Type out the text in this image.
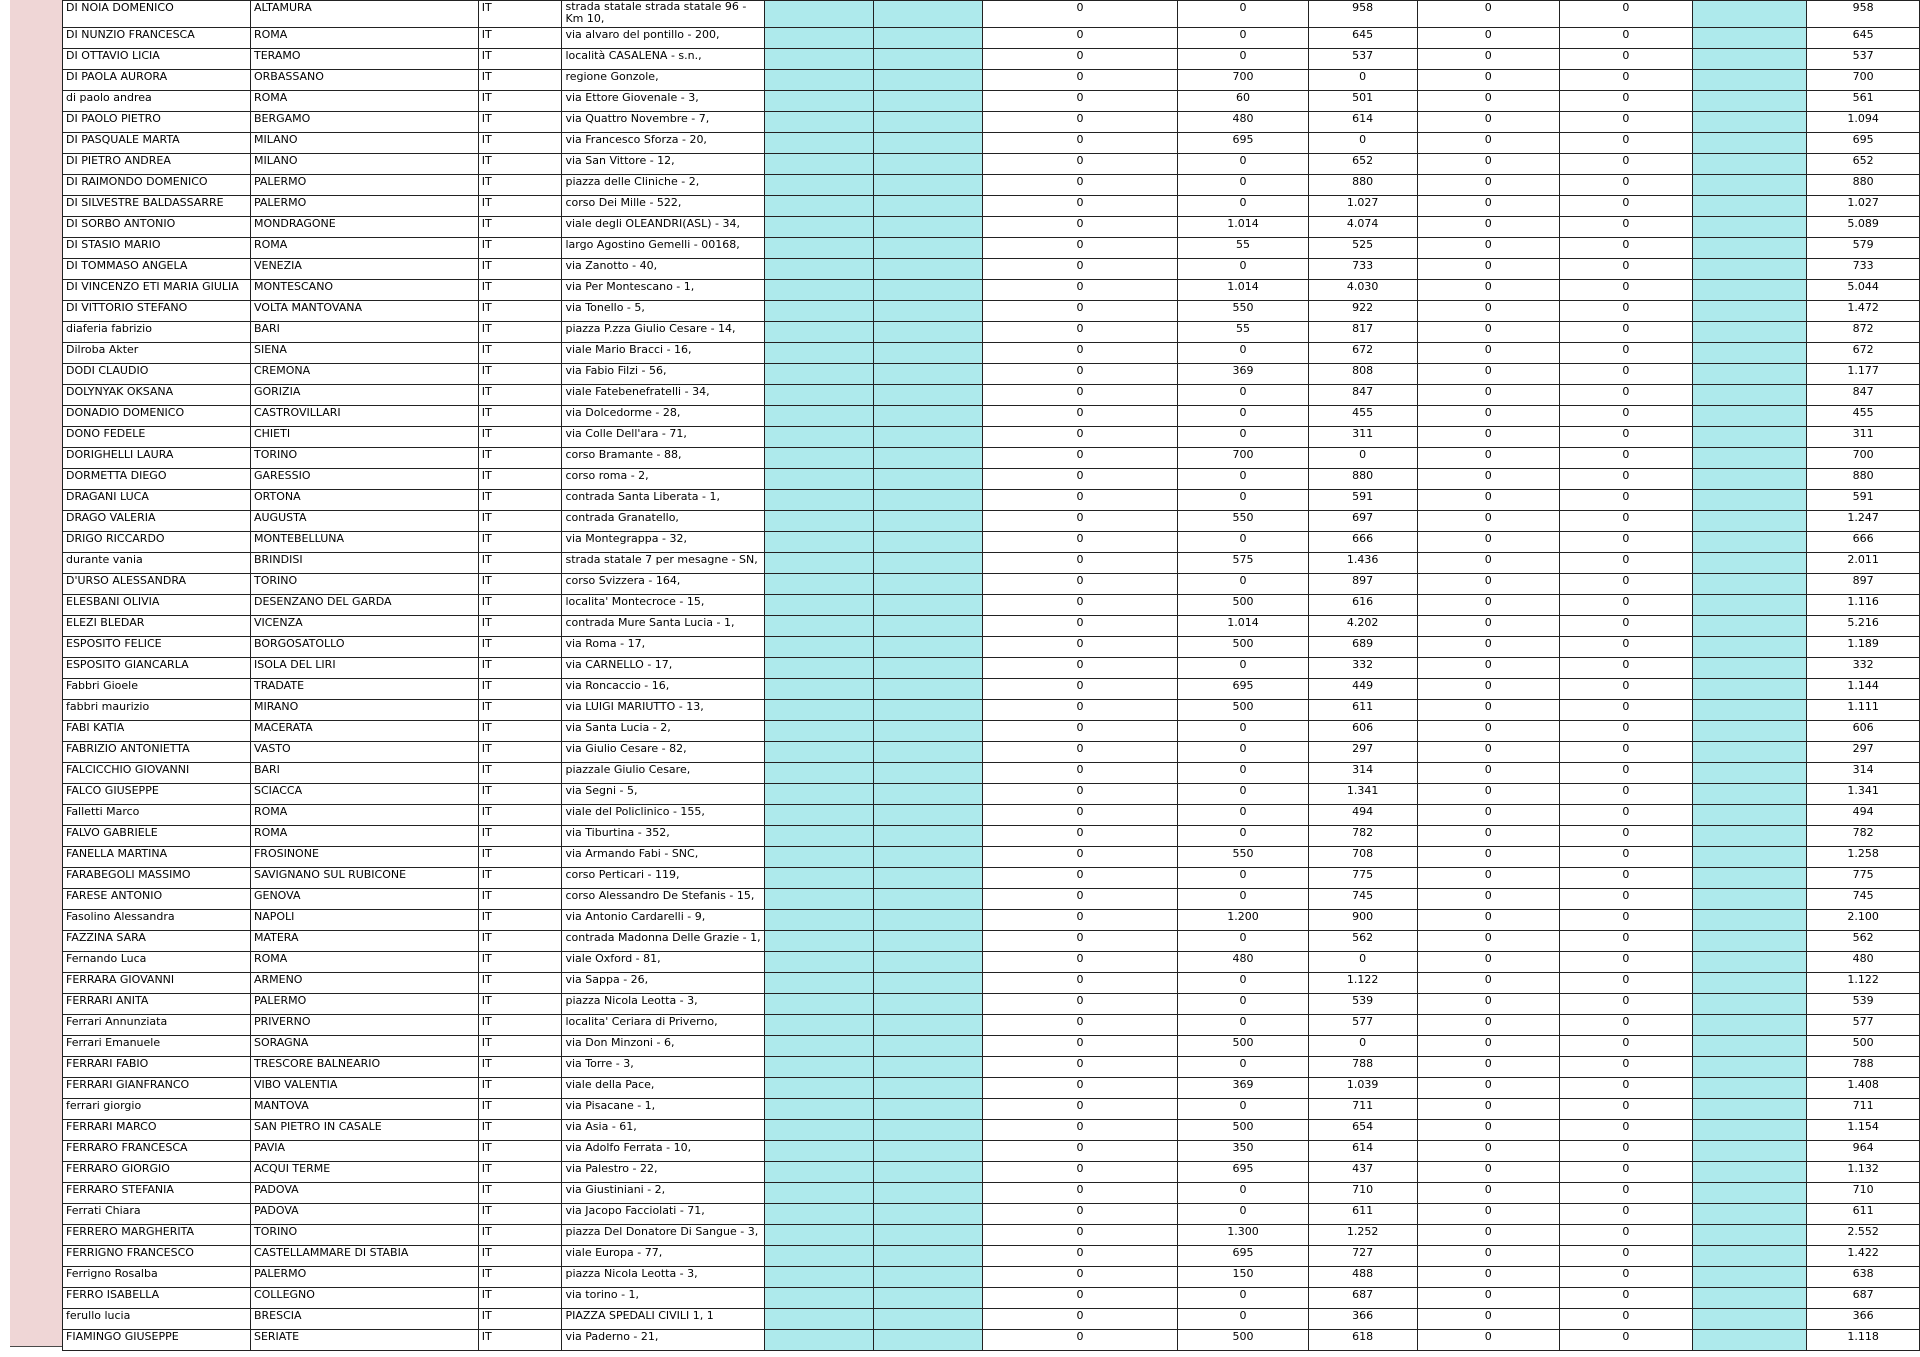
DI NOIA DOMENICO	ALTAMURA	IT	strada statale strada statale 96 - Km 10,			0	0	958	0	0		958
DI NUNZIO FRANCESCA	ROMA	IT	via alvaro del pontillo - 200,			0	0	645	0	0		645
DI OTTAVIO LICIA	TERAMO	IT	località CASALENA - s.n.,			0	0	537	0	0		537
DI PAOLA AURORA	ORBASSANO	IT	regione Gonzole,			0	700	0	0	0		700
di paolo andrea	ROMA	IT	via Ettore Giovenale - 3,			0	60	501	0	0		561
DI PAOLO PIETRO	BERGAMO	IT	via Quattro Novembre - 7,			0	480	614	0	0		1.094
DI PASQUALE MARTA	MILANO	IT	via Francesco Sforza - 20,			0	695	0	0	0		695
DI PIETRO ANDREA	MILANO	IT	via San Vittore - 12,			0	0	652	0	0		652
DI RAIMONDO DOMENICO	PALERMO	IT	piazza delle Cliniche - 2,			0	0	880	0	0		880
DI SILVESTRE BALDASSARRE	PALERMO	IT	corso Dei Mille - 522,			0	0	1.027	0	0		1.027
DI SORBO ANTONIO	MONDRAGONE	IT	viale degli OLEANDRI(ASL) - 34,			0	1.014	4.074	0	0		5.089
DI STASIO MARIO	ROMA	IT	largo Agostino Gemelli - 00168,			0	55	525	0	0		579
DI TOMMASO ANGELA	VENEZIA	IT	via Zanotto - 40,			0	0	733	0	0		733
DI VINCENZO ETI MARIA GIULIA	MONTESCANO	IT	via Per Montescano - 1,			0	1.014	4.030	0	0		5.044
DI VITTORIO STEFANO	VOLTA MANTOVANA	IT	via Tonello - 5,			0	550	922	0	0		1.472
diaferia fabrizio	BARI	IT	piazza P.zza Giulio Cesare - 14,			0	55	817	0	0		872
Dilroba Akter	SIENA	IT	viale Mario Bracci - 16,			0	0	672	0	0		672
DODI CLAUDIO	CREMONA	IT	via Fabio Filzi - 56,			0	369	808	0	0		1.177
DOLYNYAK OKSANA	GORIZIA	IT	viale Fatebenefratelli - 34,			0	0	847	0	0		847
DONADIO DOMENICO	CASTROVILLARI	IT	via Dolcedorme - 28,			0	0	455	0	0		455
DONO FEDELE	CHIETI	IT	via Colle Dell'ara - 71,			0	0	311	0	0		311
DORIGHELLI LAURA	TORINO	IT	corso Bramante - 88,			0	700	0	0	0		700
DORMETTA DIEGO	GARESSIO	IT	corso roma - 2,			0	0	880	0	0		880
DRAGANI LUCA	ORTONA	IT	contrada Santa Liberata - 1,			0	0	591	0	0		591
DRAGO VALERIA	AUGUSTA	IT	contrada Granatello,			0	550	697	0	0		1.247
DRIGO RICCARDO	MONTEBELLUNA	IT	via Montegrappa - 32,			0	0	666	0	0		666
durante vania	BRINDISI	IT	strada statale 7 per mesagne - SN,			0	575	1.436	0	0		2.011
D'URSO ALESSANDRA	TORINO	IT	corso Svizzera - 164,			0	0	897	0	0		897
ELESBANI OLIVIA	DESENZANO DEL GARDA	IT	localita' Montecroce - 15,			0	500	616	0	0		1.116
ELEZI BLEDAR	VICENZA	IT	contrada Mure Santa Lucia - 1,			0	1.014	4.202	0	0		5.216
ESPOSITO FELICE	BORGOSATOLLO	IT	via Roma - 17,			0	500	689	0	0		1.189
ESPOSITO GIANCARLA	ISOLA DEL LIRI	IT	via CARNELLO - 17,			0	0	332	0	0		332
Fabbri Gioele	TRADATE	IT	via Roncaccio - 16,			0	695	449	0	0		1.144
fabbri maurizio	MIRANO	IT	via LUIGI MARIUTTO - 13,			0	500	611	0	0		1.111
FABI KATIA	MACERATA	IT	via Santa Lucia - 2,			0	0	606	0	0		606
FABRIZIO ANTONIETTA	VASTO	IT	via Giulio Cesare - 82,			0	0	297	0	0		297
FALCICCHIO GIOVANNI	BARI	IT	piazzale Giulio Cesare,			0	0	314	0	0		314
FALCO GIUSEPPE	SCIACCA	IT	via Segni - 5,			0	0	1.341	0	0		1.341
Falletti Marco	ROMA	IT	viale del Policlinico - 155,			0	0	494	0	0		494
FALVO GABRIELE	ROMA	IT	via Tiburtina - 352,			0	0	782	0	0		782
FANELLA MARTINA	FROSINONE	IT	via Armando Fabi - SNC,			0	550	708	0	0		1.258
FARABEGOLI MASSIMO	SAVIGNANO SUL RUBICONE	IT	corso Perticari - 119,			0	0	775	0	0		775
FARESE ANTONIO	GENOVA	IT	corso Alessandro De Stefanis - 15,			0	0	745	0	0		745
Fasolino Alessandra	NAPOLI	IT	via Antonio Cardarelli - 9,			0	1.200	900	0	0		2.100
FAZZINA SARA	MATERA	IT	contrada Madonna Delle Grazie - 1,			0	0	562	0	0		562
Fernando Luca	ROMA	IT	viale Oxford - 81,			0	480	0	0	0		480
FERRARA GIOVANNI	ARMENO	IT	via Sappa - 26,			0	0	1.122	0	0		1.122
FERRARI ANITA	PALERMO	IT	piazza Nicola Leotta - 3,			0	0	539	0	0		539
Ferrari Annunziata	PRIVERNO	IT	localita' Ceriara di Priverno,			0	0	577	0	0		577
Ferrari Emanuele	SORAGNA	IT	via Don Minzoni - 6,			0	500	0	0	0		500
FERRARI FABIO	TRESCORE BALNEARIO	IT	via Torre - 3,			0	0	788	0	0		788
FERRARI GIANFRANCO	VIBO VALENTIA	IT	viale della Pace,			0	369	1.039	0	0		1.408
ferrari giorgio	MANTOVA	IT	via Pisacane - 1,			0	0	711	0	0		711
FERRARI MARCO	SAN PIETRO IN CASALE	IT	via Asia - 61,			0	500	654	0	0		1.154
FERRARO FRANCESCA	PAVIA	IT	via Adolfo Ferrata - 10,			0	350	614	0	0		964
FERRARO GIORGIO	ACQUI TERME	IT	via Palestro - 22,			0	695	437	0	0		1.132
FERRARO STEFANIA	PADOVA	IT	via Giustiniani - 2,			0	0	710	0	0		710
Ferrati Chiara	PADOVA	IT	via Jacopo Facciolati - 71,			0	0	611	0	0		611
FERRERO MARGHERITA	TORINO	IT	piazza Del Donatore Di Sangue - 3,			0	1.300	1.252	0	0		2.552
FERRIGNO FRANCESCO	CASTELLAMMARE DI STABIA	IT	viale Europa - 77,			0	695	727	0	0		1.422
Ferrigno Rosalba	PALERMO	IT	piazza Nicola Leotta - 3,			0	150	488	0	0		638
FERRO ISABELLA	COLLEGNO	IT	via torino - 1,			0	0	687	0	0		687
ferullo lucia	BRESCIA	IT	PIAZZA SPEDALI CIVILI 1, 1			0	0	366	0	0		366
FIAMINGO GIUSEPPE	SERIATE	IT	via Paderno - 21,			0	500	618	0	0		1.118
